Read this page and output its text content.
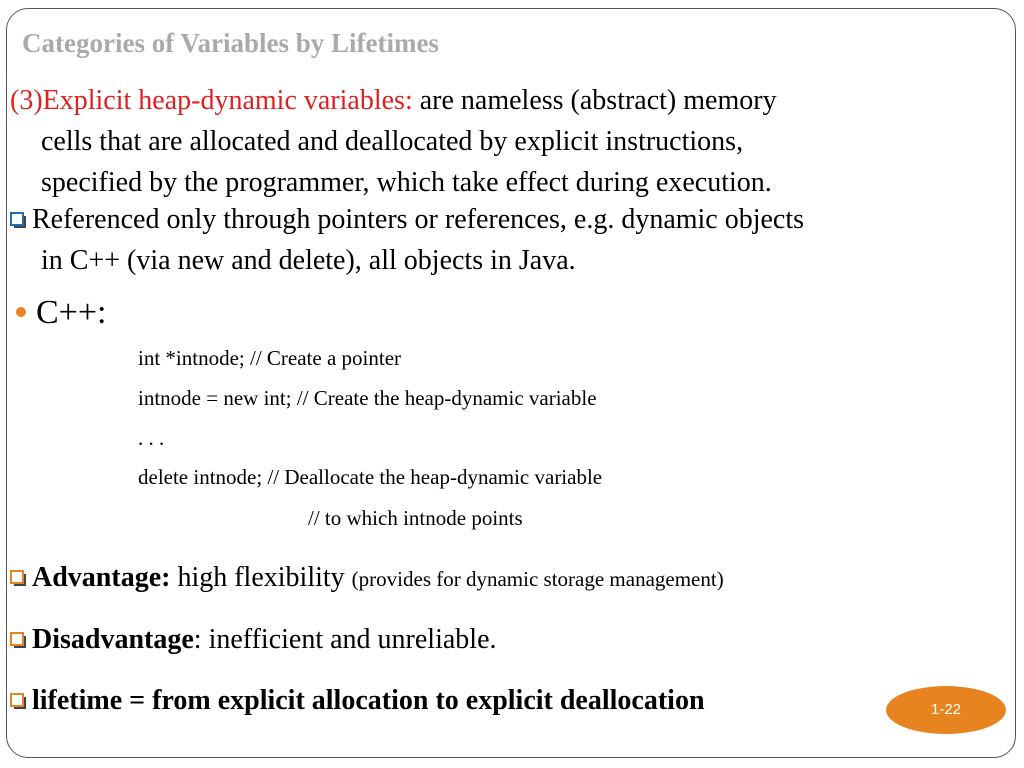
Categories of Variables by Lifetimes
(3)Explicit heap-dynamic variables: are nameless (abstract) memory
cells that are allocated and deallocated by explicit instructions,
specified by the programmer, which take effect during execution.
Referenced only through pointers or references, e.g. dynamic objects
in C++ (via new and delete), all objects in Java.
C++:
int *intnode; // Create a pointer
intnode = new int; // Create the heap-dynamic variable
. . .
delete intnode; // Deallocate the heap-dynamic variable
// to which intnode points
Advantage: high flexibility (provides for dynamic storage management)
Disadvantage: inefficient and unreliable.
lifetime = from explicit allocation to explicit deallocation	1-22
